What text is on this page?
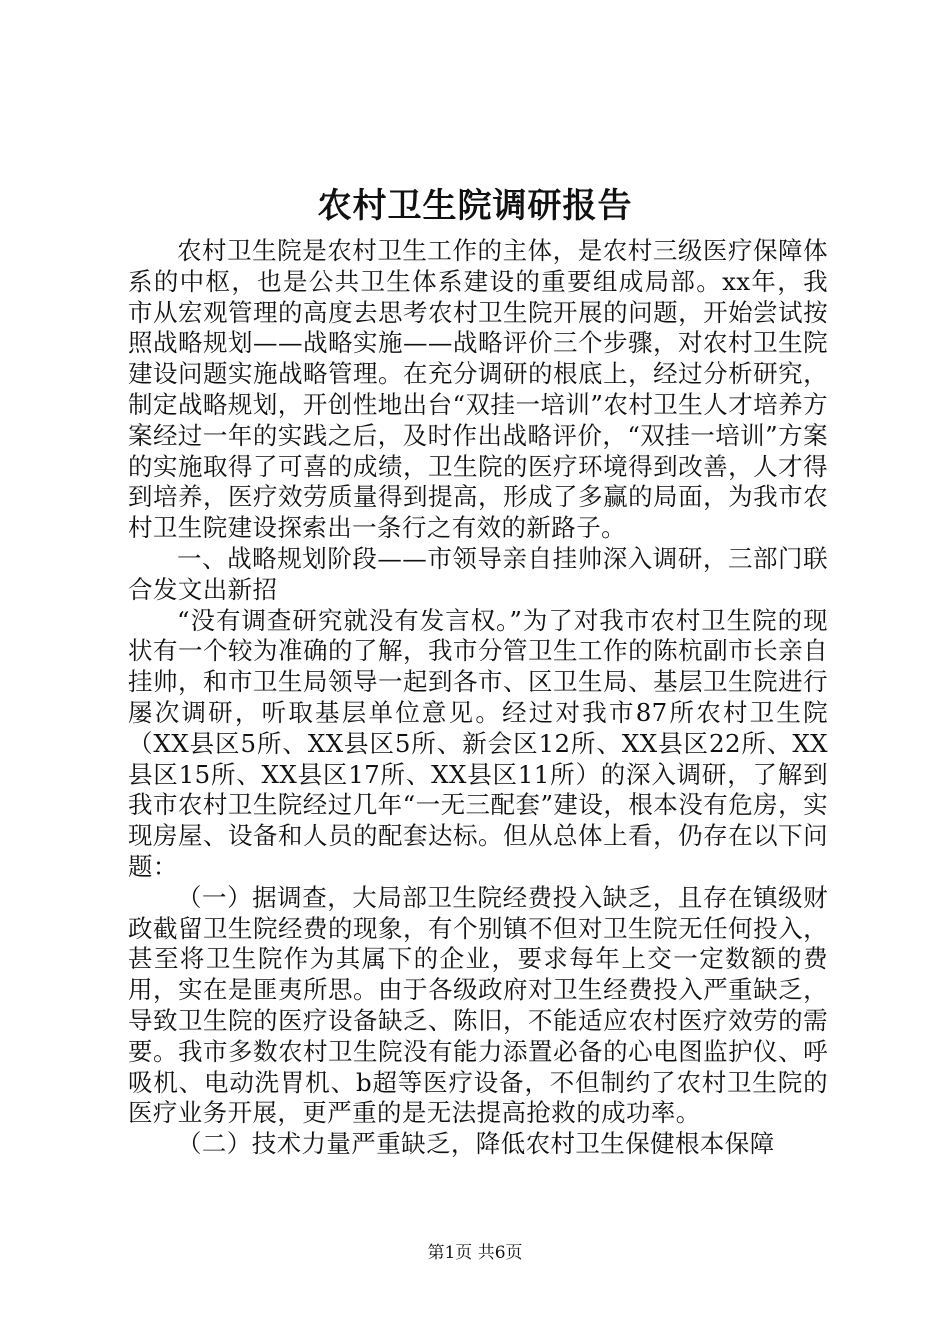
农村卫生院调研报告

农村卫生院是农村卫生工作的主体，是农村三级医疗保障体系的中枢，也是公共卫生体系建设的重要组成局部。xx年，我市从宏观管理的高度去思考农村卫生院开展的问题，开始尝试按照战略规划——战略实施——战略评价三个步骤，对农村卫生院建设问题实施战略管理。在充分调研的根底上，经过分析研究，制定战略规划，开创性地出台“双挂一培训”农村卫生人才培养方案经过一年的实践之后，及时作出战略评价，“双挂一培训”方案的实施取得了可喜的成绩，卫生院的医疗环境得到改善，人才得到培养，医疗效劳质量得到提高，形成了多赢的局面，为我市农村卫生院建设探索出一条行之有效的新路子。

一、战略规划阶段——市领导亲自挂帅深入调研，三部门联合发文出新招

“没有调查研究就没有发言权。”为了对我市农村卫生院的现状有一个较为准确的了解，我市分管卫生工作的陈杭副市长亲自挂帅，和市卫生局领导一起到各市、区卫生局、基层卫生院进行屡次调研，听取基层单位意见。经过对我市87所农村卫生院（XX县区5所、XX县区5所、新会区12所、XX县区22所、XX县区15所、XX县区17所、XX县区11所）的深入调研，了解到我市农村卫生院经过几年“一无三配套”建设，根本没有危房，实现房屋、设备和人员的配套达标。但从总体上看，仍存在以下问题：

（一）据调查，大局部卫生院经费投入缺乏，且存在镇级财政截留卫生院经费的现象，有个别镇不但对卫生院无任何投入，甚至将卫生院作为其属下的企业，要求每年上交一定数额的费用，实在是匪夷所思。由于各级政府对卫生经费投入严重缺乏，导致卫生院的医疗设备缺乏、陈旧，不能适应农村医疗效劳的需要。我市多数农村卫生院没有能力添置必备的心电图监护仪、呼吸机、电动洗胃机、b超等医疗设备，不但制约了农村卫生院的医疗业务开展，更严重的是无法提高抢救的成功率。

（二）技术力量严重缺乏，降低农村卫生保健根本保障

第1页 共6页
